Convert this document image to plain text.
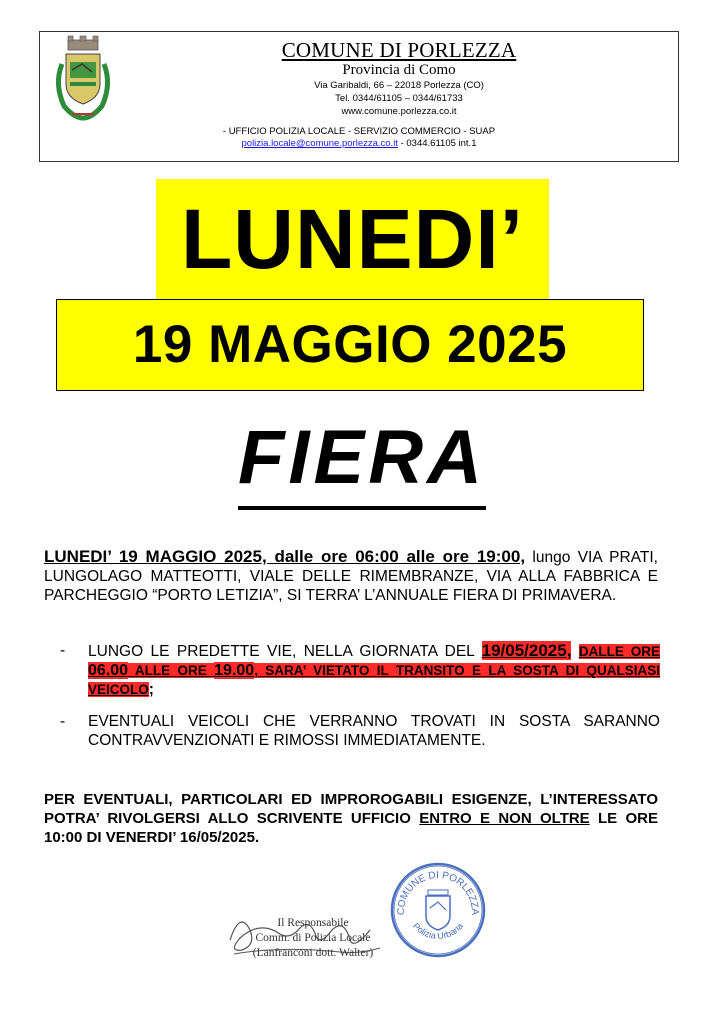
COMUNE DI PORLEZZA
Provincia di Como
Via Garibaldi, 66 – 22018 Porlezza (CO)
Tel. 0344/61105 – 0344/61733
www.comune.porlezza.co.it
- UFFICIO POLIZIA LOCALE - SERVIZIO COMMERCIO - SUAP
polizia.locale@comune.porlezza.co.it - 0344.61105 int.1
LUNEDI’
19 MAGGIO 2025
FIERA
LUNEDI’ 19 MAGGIO 2025, dalle ore 06:00 alle ore 19:00, lungo VIA PRATI, LUNGOLAGO MATTEOTTI, VIALE DELLE RIMEMBRANZE, VIA ALLA FABBRICA E PARCHEGGIO “PORTO LETIZIA”, SI TERRA’ L’ANNUALE FIERA DI PRIMAVERA.
- LUNGO LE PREDETTE VIE, NELLA GIORNATA DEL 19/05/2025, DALLE ORE 06.00 ALLE ORE 19.00, SARA’ VIETATO IL TRANSITO E LA SOSTA DI QUALSIASI VEICOLO;
- EVENTUALI VEICOLI CHE VERRANNO TROVATI IN SOSTA SARANNO CONTRAVVENZIONATI E RIMOSSI IMMEDIATAMENTE.
PER EVENTUALI, PARTICOLARI ED IMPROROGABILI ESIGENZE, L’INTERESSATO POTRA’ RIVOLGERSI ALLO SCRIVENTE UFFICIO ENTRO E NON OLTRE LE ORE 10:00 DI VENERDI’ 16/05/2025.
COMUNE DI PORLEZZA
Polizia Urbana
Il Responsabile
Comm. di Polizia Locale
(Lanfranconi dott. Walter)
